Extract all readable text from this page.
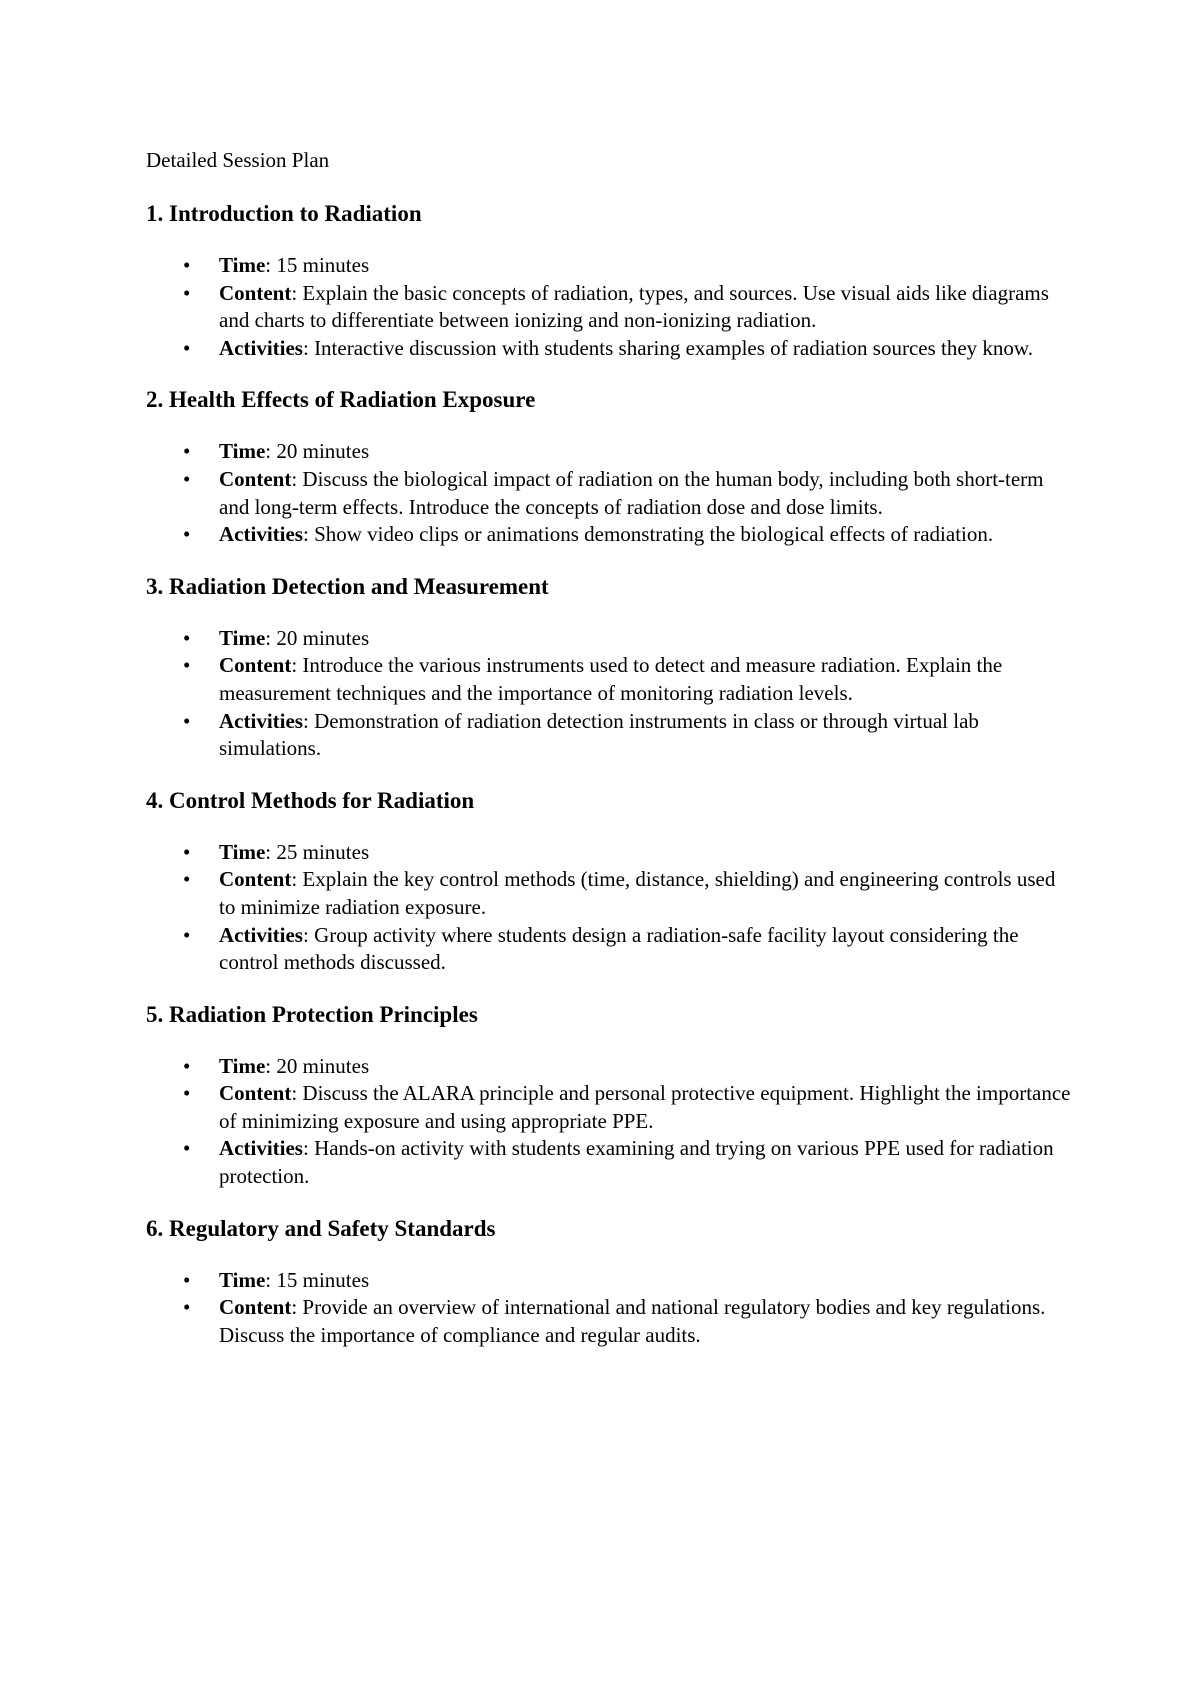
Detailed Session Plan
1. Introduction to Radiation
• Time: 15 minutes
• Content: Explain the basic concepts of radiation, types, and sources. Use visual aids like diagrams and charts to differentiate between ionizing and non-ionizing radiation.
• Activities: Interactive discussion with students sharing examples of radiation sources they know.
2. Health Effects of Radiation Exposure
• Time: 20 minutes
• Content: Discuss the biological impact of radiation on the human body, including both short-term and long-term effects. Introduce the concepts of radiation dose and dose limits.
• Activities: Show video clips or animations demonstrating the biological effects of radiation.
3. Radiation Detection and Measurement
• Time: 20 minutes
• Content: Introduce the various instruments used to detect and measure radiation. Explain the measurement techniques and the importance of monitoring radiation levels.
• Activities: Demonstration of radiation detection instruments in class or through virtual lab simulations.
4. Control Methods for Radiation
• Time: 25 minutes
• Content: Explain the key control methods (time, distance, shielding) and engineering controls used to minimize radiation exposure.
• Activities: Group activity where students design a radiation-safe facility layout considering the control methods discussed.
5. Radiation Protection Principles
• Time: 20 minutes
• Content: Discuss the ALARA principle and personal protective equipment. Highlight the importance of minimizing exposure and using appropriate PPE.
• Activities: Hands-on activity with students examining and trying on various PPE used for radiation protection.
6. Regulatory and Safety Standards
• Time: 15 minutes
• Content: Provide an overview of international and national regulatory bodies and key regulations. Discuss the importance of compliance and regular audits.
